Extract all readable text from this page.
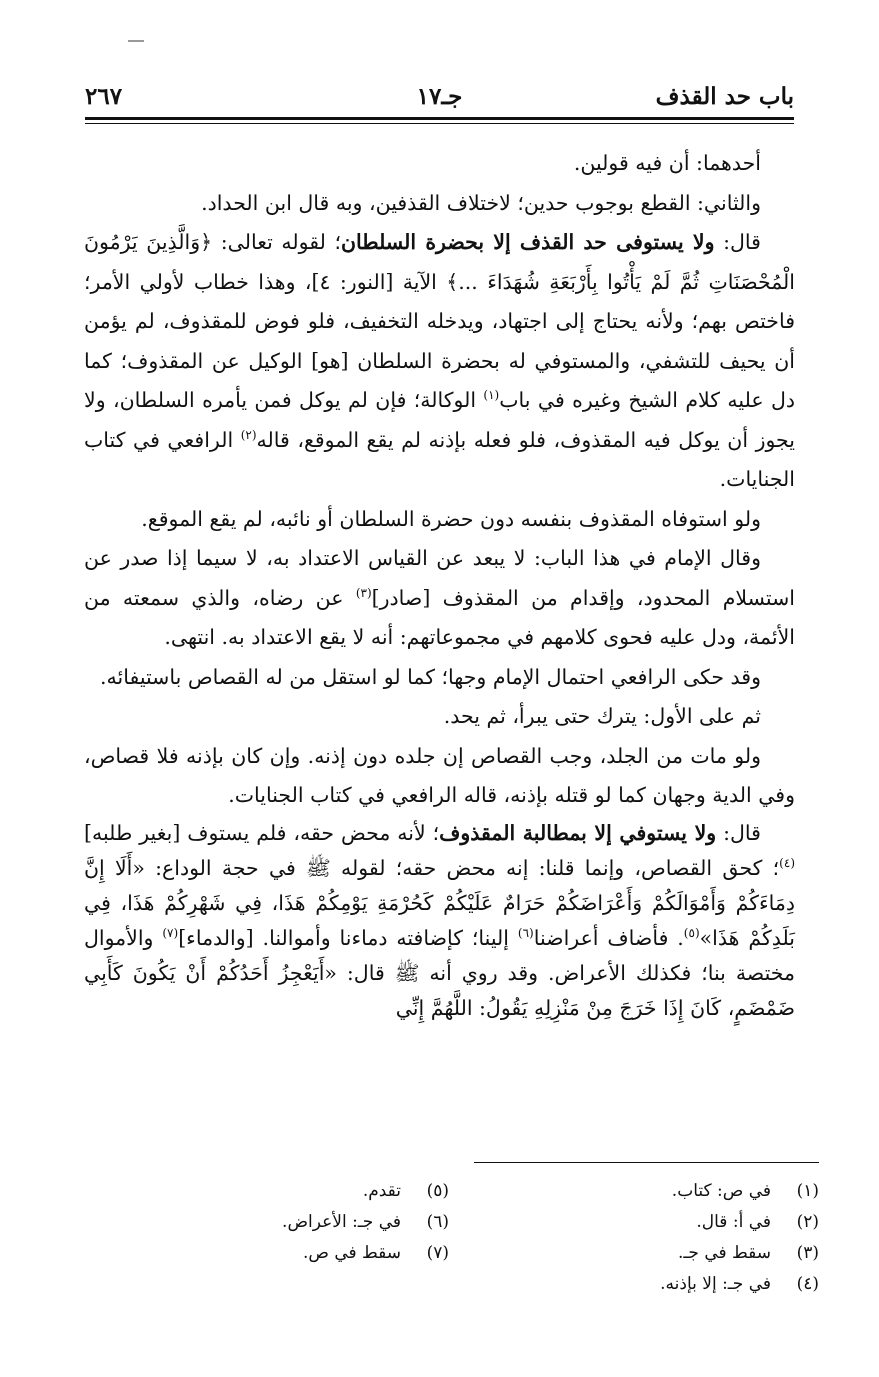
باب حد القذف
جـ١٧
٢٦٧

أحدهما: أن فيه قولين.

والثاني: القطع بوجوب حدين؛ لاختلاف القذفين، وبه قال ابن الحداد.

قال: ولا يستوفى حد القذف إلا بحضرة السلطان؛ لقوله تعالى: ﴿وَالَّذِينَ يَرْمُونَ الْمُحْصَنَاتِ ثُمَّ لَمْ يَأْتُوا بِأَرْبَعَةِ شُهَدَاءَ ...﴾ الآية [النور: ٤]، وهذا خطاب لأولي الأمر؛ فاختص بهم؛ ولأنه يحتاج إلى اجتهاد، ويدخله التخفيف، فلو فوض للمقذوف، لم يؤمن أن يحيف للتشفي، والمستوفي له بحضرة السلطان [هو] الوكيل عن المقذوف؛ كما دل عليه كلام الشيخ وغيره في باب$^{(١)}$ الوكالة؛ فإن لم يوكل فمن يأمره السلطان، ولا يجوز أن يوكل فيه المقذوف، فلو فعله بإذنه لم يقع الموقع، قاله$^{(٢)}$ الرافعي في كتاب الجنايات.

ولو استوفاه المقذوف بنفسه دون حضرة السلطان أو نائبه، لم يقع الموقع.

وقال الإمام في هذا الباب: لا يبعد عن القياس الاعتداد به، لا سيما إذا صدر عن استسلام المحدود، وإقدام من المقذوف [صادر]$^{(٣)}$ عن رضاه، والذي سمعته من الأئمة، ودل عليه فحوى كلامهم في مجموعاتهم: أنه لا يقع الاعتداد به. انتهى.

وقد حكى الرافعي احتمال الإمام وجها؛ كما لو استقل من له القصاص باستيفائه.

ثم على الأول: يترك حتى يبرأ، ثم يحد.

ولو مات من الجلد، وجب القصاص إن جلده دون إذنه. وإن كان بإذنه فلا قصاص، وفي الدية وجهان كما لو قتله بإذنه، قاله الرافعي في كتاب الجنايات.

قال: ولا يستوفي إلا بمطالبة المقذوف؛ لأنه محض حقه، فلم يستوف [بغير طلبه]$^{(٤)}$؛ كحق القصاص، وإنما قلنا: إنه محض حقه؛ لقوله ﷺ في حجة الوداع: «أَلَا إِنَّ دِمَاءَكُمْ وَأَمْوَالَكُمْ وَأَعْرَاضَكُمْ حَرَامٌ عَلَيْكُمْ كَحُرْمَةِ يَوْمِكُمْ هَذَا، فِي شَهْرِكُمْ هَذَا، فِي بَلَدِكُمْ هَذَا»$^{(٥)}$. فأضاف أعراضنا$^{(٦)}$ إلينا؛ كإضافته دماءنا وأموالنا. [والدماء]$^{(٧)}$ والأموال مختصة بنا؛ فكذلك الأعراض. وقد روي أنه ﷺ قال: «أَيَعْجِزُ أَحَدُكُمْ أَنْ يَكُونَ كَأَبِي ضَمْضَمٍ، كَانَ إِذَا خَرَجَ مِنْ مَنْزِلِهِ يَقُولُ: اللَّهُمَّ إِنِّي

(١)
في ص: كتاب.
(٢)
في أ: قال.
(٣)
سقط في جـ.
(٤)
في جـ: إلا بإذنه.
(٥)
تقدم.
(٦)
في جـ: الأعراض.
(٧)
سقط في ص.
